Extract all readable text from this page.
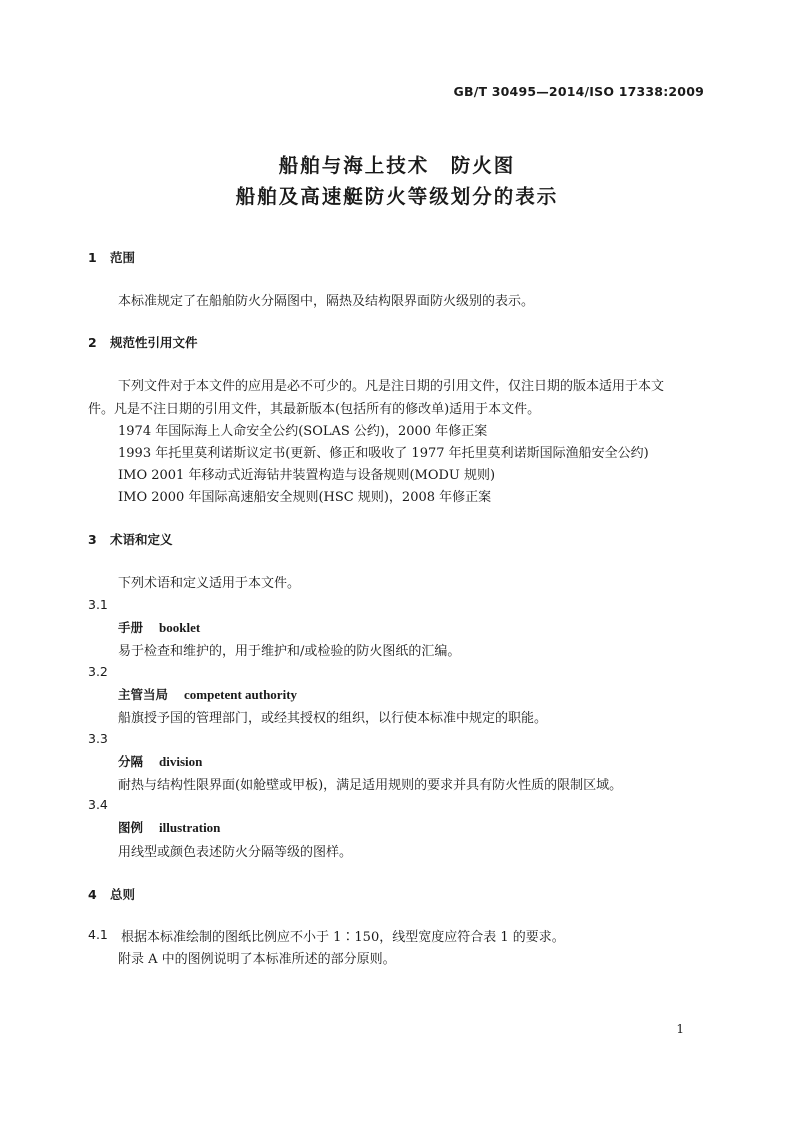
GB/T 30495—2014/ISO 17338:2009
船舶与海上技术　防火图
船舶及高速艇防火等级划分的表示
1 范围
本标准规定了在船舶防火分隔图中，隔热及结构限界面防火级别的表示。
2 规范性引用文件
下列文件对于本文件的应用是必不可少的。凡是注日期的引用文件，仅注日期的版本适用于本文
件。凡是不注日期的引用文件，其最新版本(包括所有的修改单)适用于本文件。
1974 年国际海上人命安全公约(SOLAS 公约)，2000 年修正案
1993 年托里莫利诺斯议定书(更新、修正和吸收了 1977 年托里莫利诺斯国际渔船安全公约)
IMO 2001 年移动式近海钻井装置构造与设备规则(MODU 规则)
IMO 2000 年国际高速船安全规则(HSC 规则)，2008 年修正案
3 术语和定义
下列术语和定义适用于本文件。
3.1
手册 booklet
易于检查和维护的，用于维护和/或检验的防火图纸的汇编。
3.2
主管当局 competent authority
船旗授予国的管理部门，或经其授权的组织，以行使本标准中规定的职能。
3.3
分隔 division
耐热与结构性限界面(如舱壁或甲板)，满足适用规则的要求并具有防火性质的限制区域。
3.4
图例 illustration
用线型或颜色表述防火分隔等级的图样。
4 总则
4.1 根据本标准绘制的图纸比例应不小于 1∶150，线型宽度应符合表 1 的要求。
附录 A 中的图例说明了本标准所述的部分原则。
1
